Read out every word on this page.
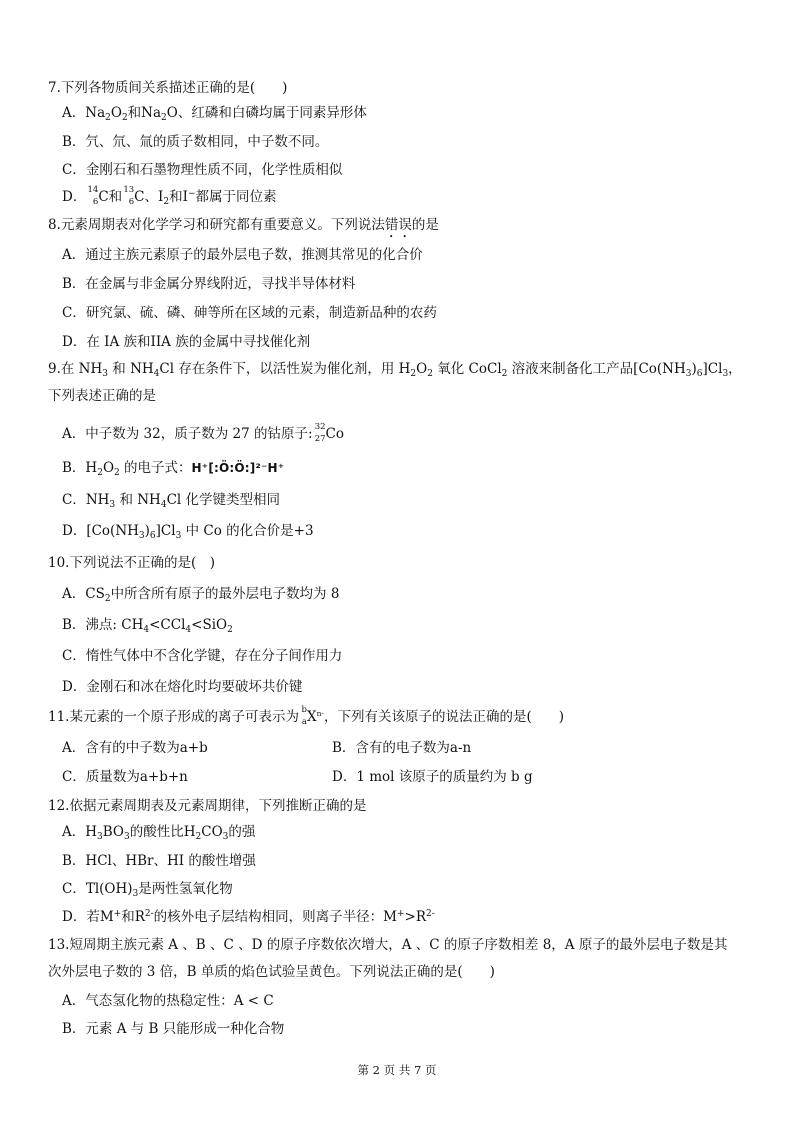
7.下列各物质间关系描述正确的是(　　)
A．$Na_2O_2$和$Na_2O$、红磷和白磷均属于同素异形体
B．氕、氘、氚的质子数相同，中子数不同。
C．金刚石和石墨物理性质不同，化学性质相似
D． 14
6 C和 13
6 C、$I_2$和I−都属于同位素
8.元素周期表对化学学习和研究都有重要意义。下列说法错误的是
A．通过主族元素原子的最外层电子数，推测其常见的化合价
B．在金属与非金属分界线附近，寻找半导体材料
C．研究氯、硫、磷、砷等所在区域的元素，制造新品种的农药
D．在 IA 族和IIA 族的金属中寻找催化剂
9.在 $NH_3$ 和 $NH_4Cl$ 存在条件下，以活性炭为催化剂，用 $H_2O_2$ 氧化 CoCl$_2$ 溶液来制备化工产品$[Co(NH_3)_6]Cl_3$，
下列表述正确的是
A．中子数为 32，质子数为 27 的钴原子: 32
27 Co
B．$H_2O_2$ 的电子式：H⁺[:Ö:Ö:]²⁻H⁺
C．$NH_3$ 和 $NH_4Cl$ 化学键类型相同
D．$[Co(NH_3)_6]Cl_3$ 中 Co 的化合价是+3
10.下列说法不正确的是(　)
A．$CS_2$中所含所有原子的最外层电子数均为 8
B．沸点: $CH_4<CCl_4<SiO_2$
C．惰性气体中不含化学键，存在分子间作用力
D．金刚石和冰在熔化时均要破坏共价键
11.某元素的一个原子形成的离子可表示为 b
a $X^{n-}$，下列有关该原子的说法正确的是(　　)
A．含有的中子数为a+b	B．含有的电子数为a-n
C．质量数为a+b+n	D．1 mol 该原子的质量约为 b g
12.依据元素周期表及元素周期律，下列推断正确的是
A．$H_3BO_3$的酸性比$H_2CO_3$的强
B．HCl、HBr、HI 的酸性增强
C．$Tl(OH)_3$是两性氢氧化物
D．若M+和$R^{2-}$的核外电子层结构相同，则离子半径：$M^+>R^{2-}$
13.短周期主族元素 A 、B 、C 、D 的原子序数依次增大，A 、C 的原子序数相差 8，A 原子的最外层电子数是其
次外层电子数的 3 倍，B 单质的焰色试验呈黄色。下列说法正确的是(　　)
A．气态氢化物的热稳定性：A < C
B．元素 A 与 B 只能形成一种化合物
第 2 页 共 7 页
